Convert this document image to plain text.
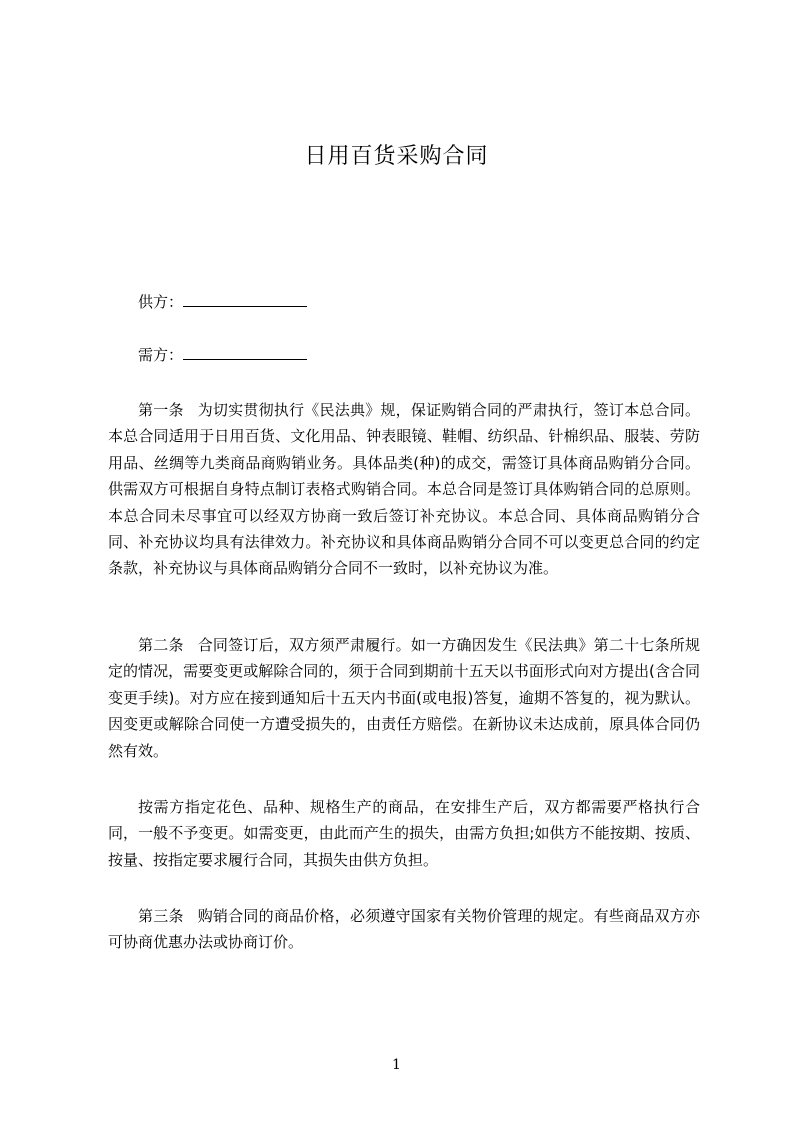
日用百货采购合同
供方：
需方：

第一条 为切实贯彻执行《民法典》规，保证购销合同的严肃执行，签订本总合同。本总合同适用于日用百货、文化用品、钟表眼镜、鞋帽、纺织品、针棉织品、服装、劳防用品、丝绸等九类商品商购销业务。具体品类(种)的成交，需签订具体商品购销分合同。供需双方可根据自身特点制订表格式购销合同。本总合同是签订具体购销合同的总原则。本总合同未尽事宜可以经双方协商一致后签订补充协议。本总合同、具体商品购销分合同、补充协议均具有法律效力。补充协议和具体商品购销分合同不可以变更总合同的约定条款，补充协议与具体商品购销分合同不一致时，以补充协议为准。

第二条 合同签订后，双方须严肃履行。如一方确因发生《民法典》第二十七条所规定的情况，需要变更或解除合同的，须于合同到期前十五天以书面形式向对方提出(含合同变更手续)。对方应在接到通知后十五天内书面(或电报)答复，逾期不答复的，视为默认。因变更或解除合同使一方遭受损失的，由责任方赔偿。在新协议未达成前，原具体合同仍然有效。

按需方指定花色、品种、规格生产的商品，在安排生产后，双方都需要严格执行合同，一般不予变更。如需变更，由此而产生的损失，由需方负担;如供方不能按期、按质、按量、按指定要求履行合同，其损失由供方负担。

第三条 购销合同的商品价格，必须遵守国家有关物价管理的规定。有些商品双方亦可协商优惠办法或协商订价。

1
